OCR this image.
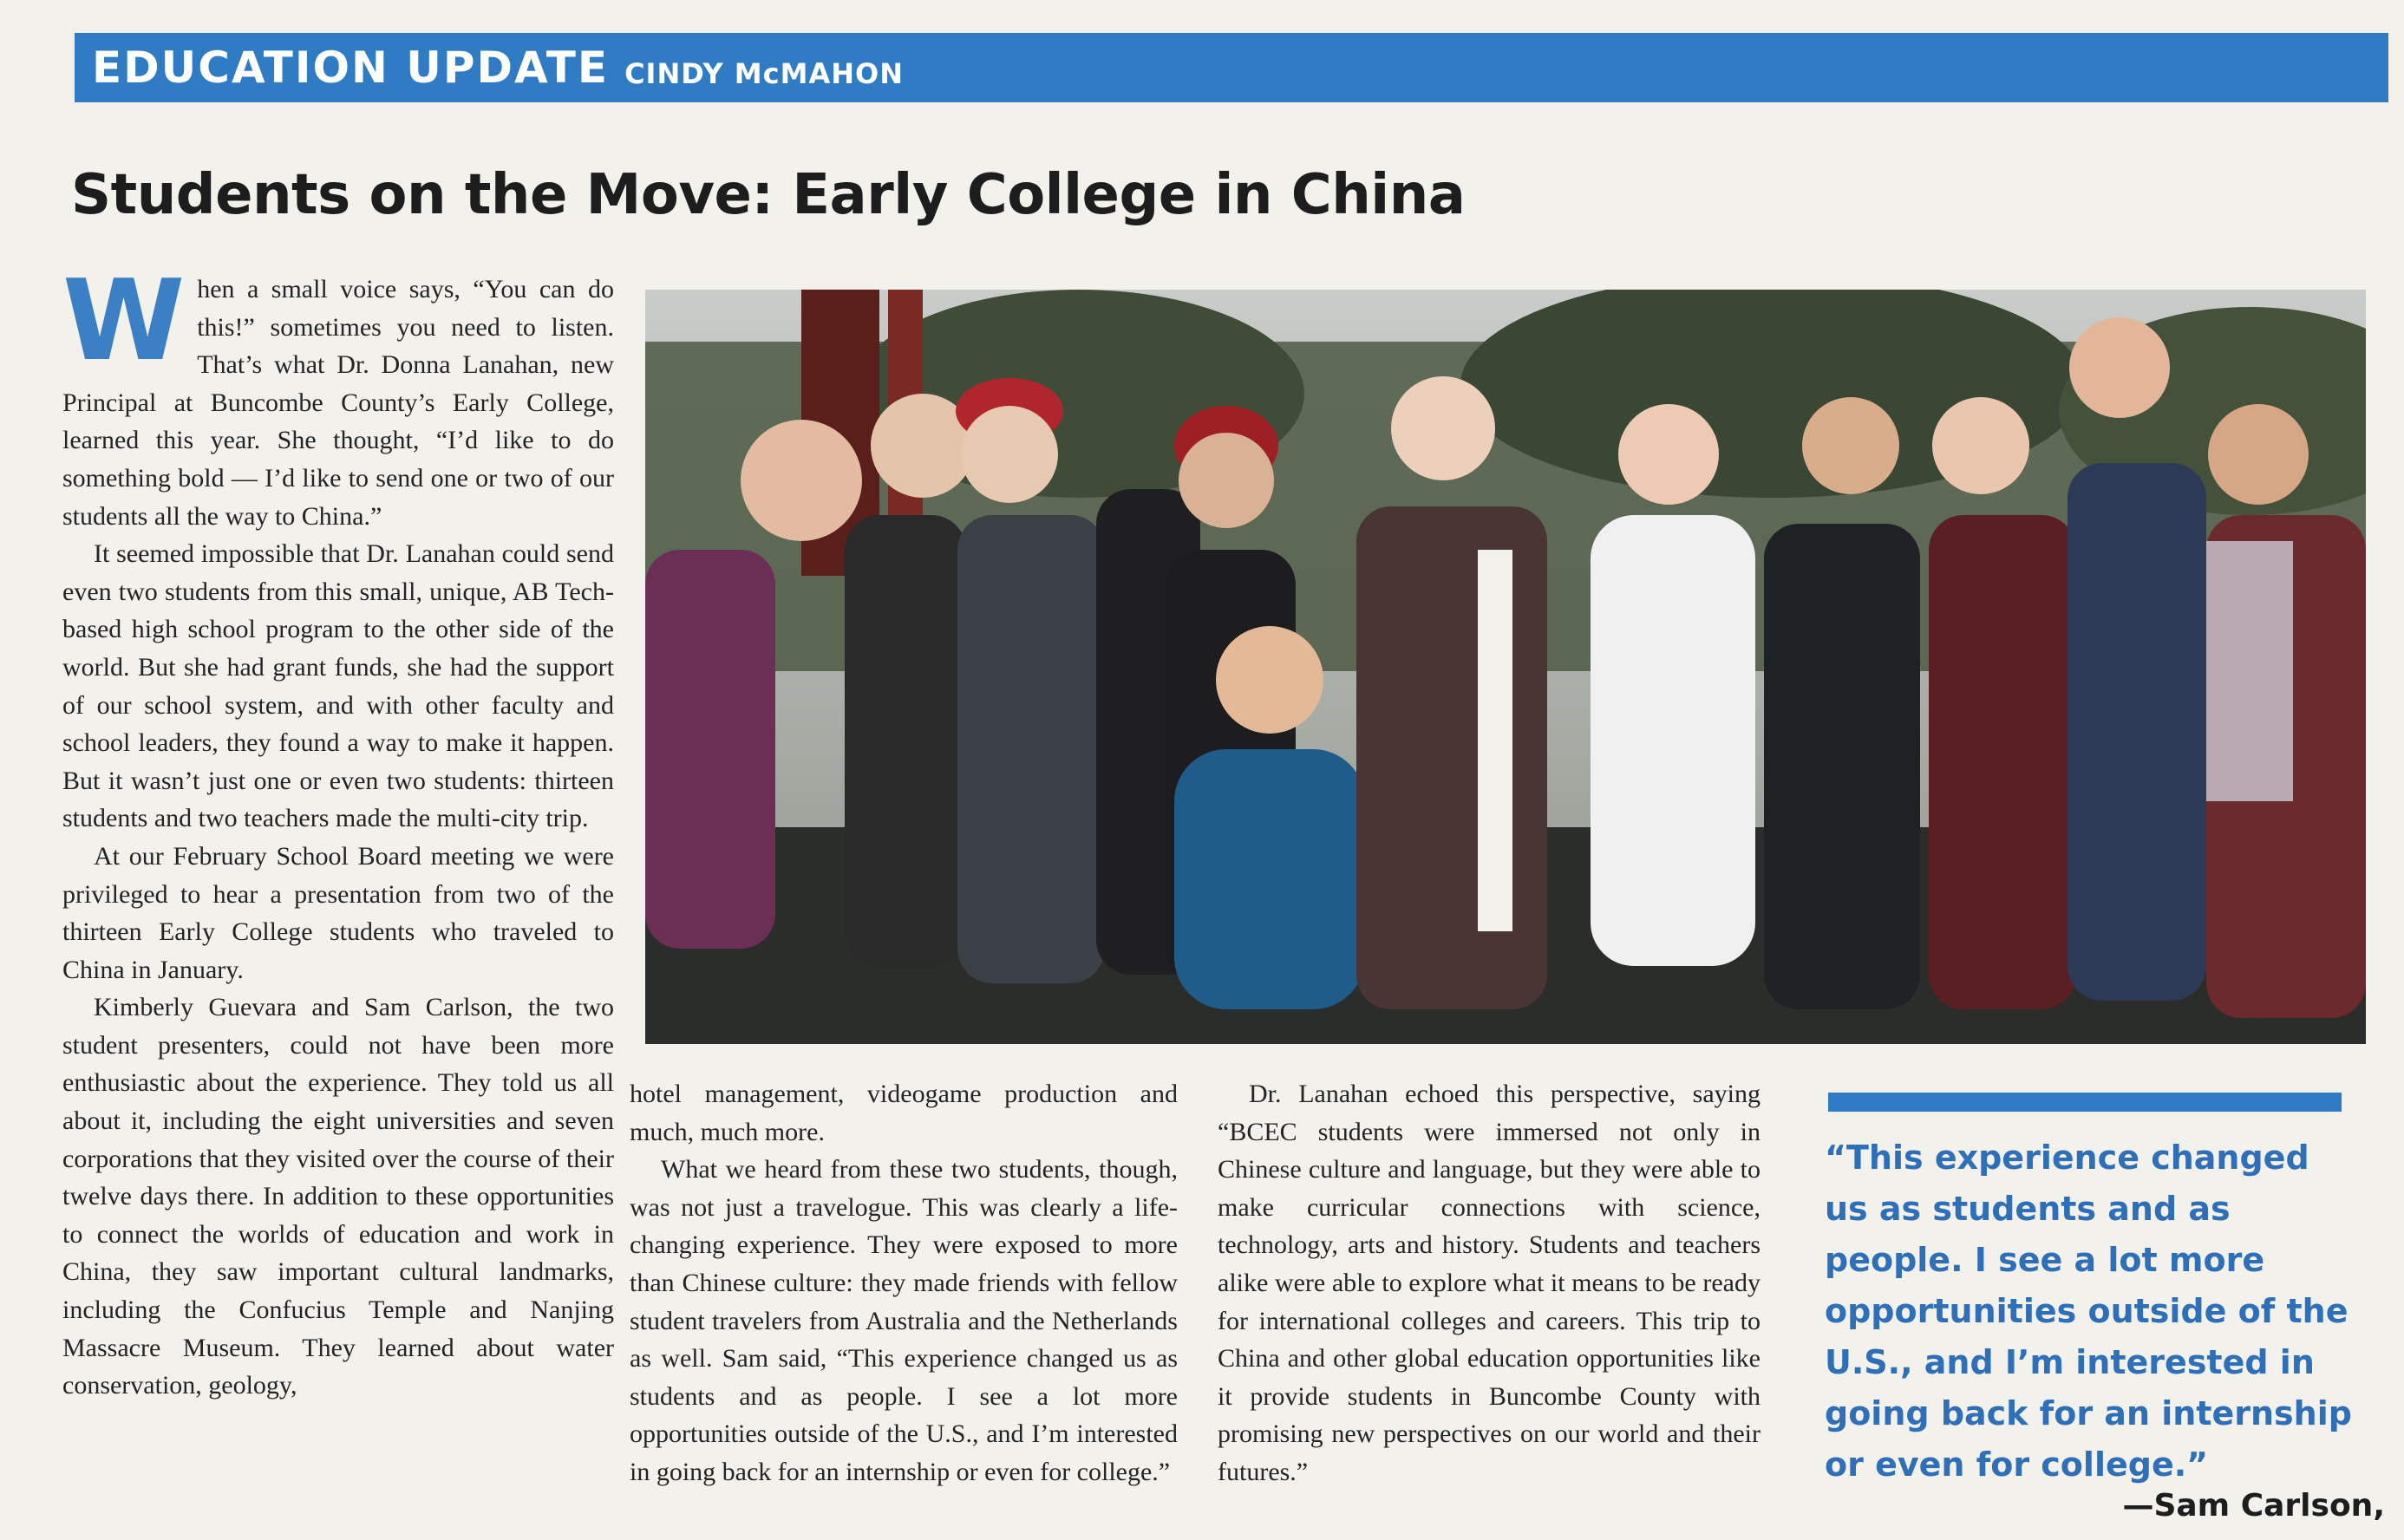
EDUCATION UPDATE CINDY McMAHON
Students on the Move: Early College in China

When a small voice says, “You can do this!” sometimes you need to listen. That’s what Dr. Donna Lanahan, new Principal at Buncombe County’s Early College, learned this year. She thought, “I’d like to do something bold — I’d like to send one or two of our students all the way to China.”

It seemed impossible that Dr. Lanahan could send even two students from this small, unique, AB Tech-based high school program to the other side of the world. But she had grant funds, she had the support of our school system, and with other faculty and school leaders, they found a way to make it happen. But it wasn’t just one or even two students: thirteen students and two teachers made the multi-city trip.

At our February School Board meeting we were privileged to hear a presentation from two of the thirteen Early College students who traveled to China in January.

Kimberly Guevara and Sam Carlson, the two student presenters, could not have been more enthusiastic about the experience. They told us all about it, including the eight universities and seven corporations that they visited over the course of their twelve days there. In addition to these opportunities to connect the worlds of education and work in China, they saw important cultural landmarks, including the Confucius Temple and Nanjing Massacre Museum. They learned about water conservation, geology,

hotel management, videogame production and much, much more.

What we heard from these two students, though, was not just a travelogue. This was clearly a life-changing experience. They were exposed to more than Chinese culture: they made friends with fellow student travelers from Australia and the Netherlands as well. Sam said, “This experience changed us as students and as people. I see a lot more opportunities outside of the U.S., and I’m interested in going back for an internship or even for college.”

Dr. Lanahan echoed this perspective, saying “BCEC students were immersed not only in Chinese culture and language, but they were able to make curricular connections with science, technology, arts and history. Students and teachers alike were able to explore what it means to be ready for international colleges and careers. This trip to China and other global education opportunities like it provide students in Buncombe County with promising new perspectives on our world and their futures.”

“This experience changed us as students and as people. I see a lot more opportunities outside of the U.S., and I’m interested in going back for an internship or even for college.”
—Sam Carlson,
